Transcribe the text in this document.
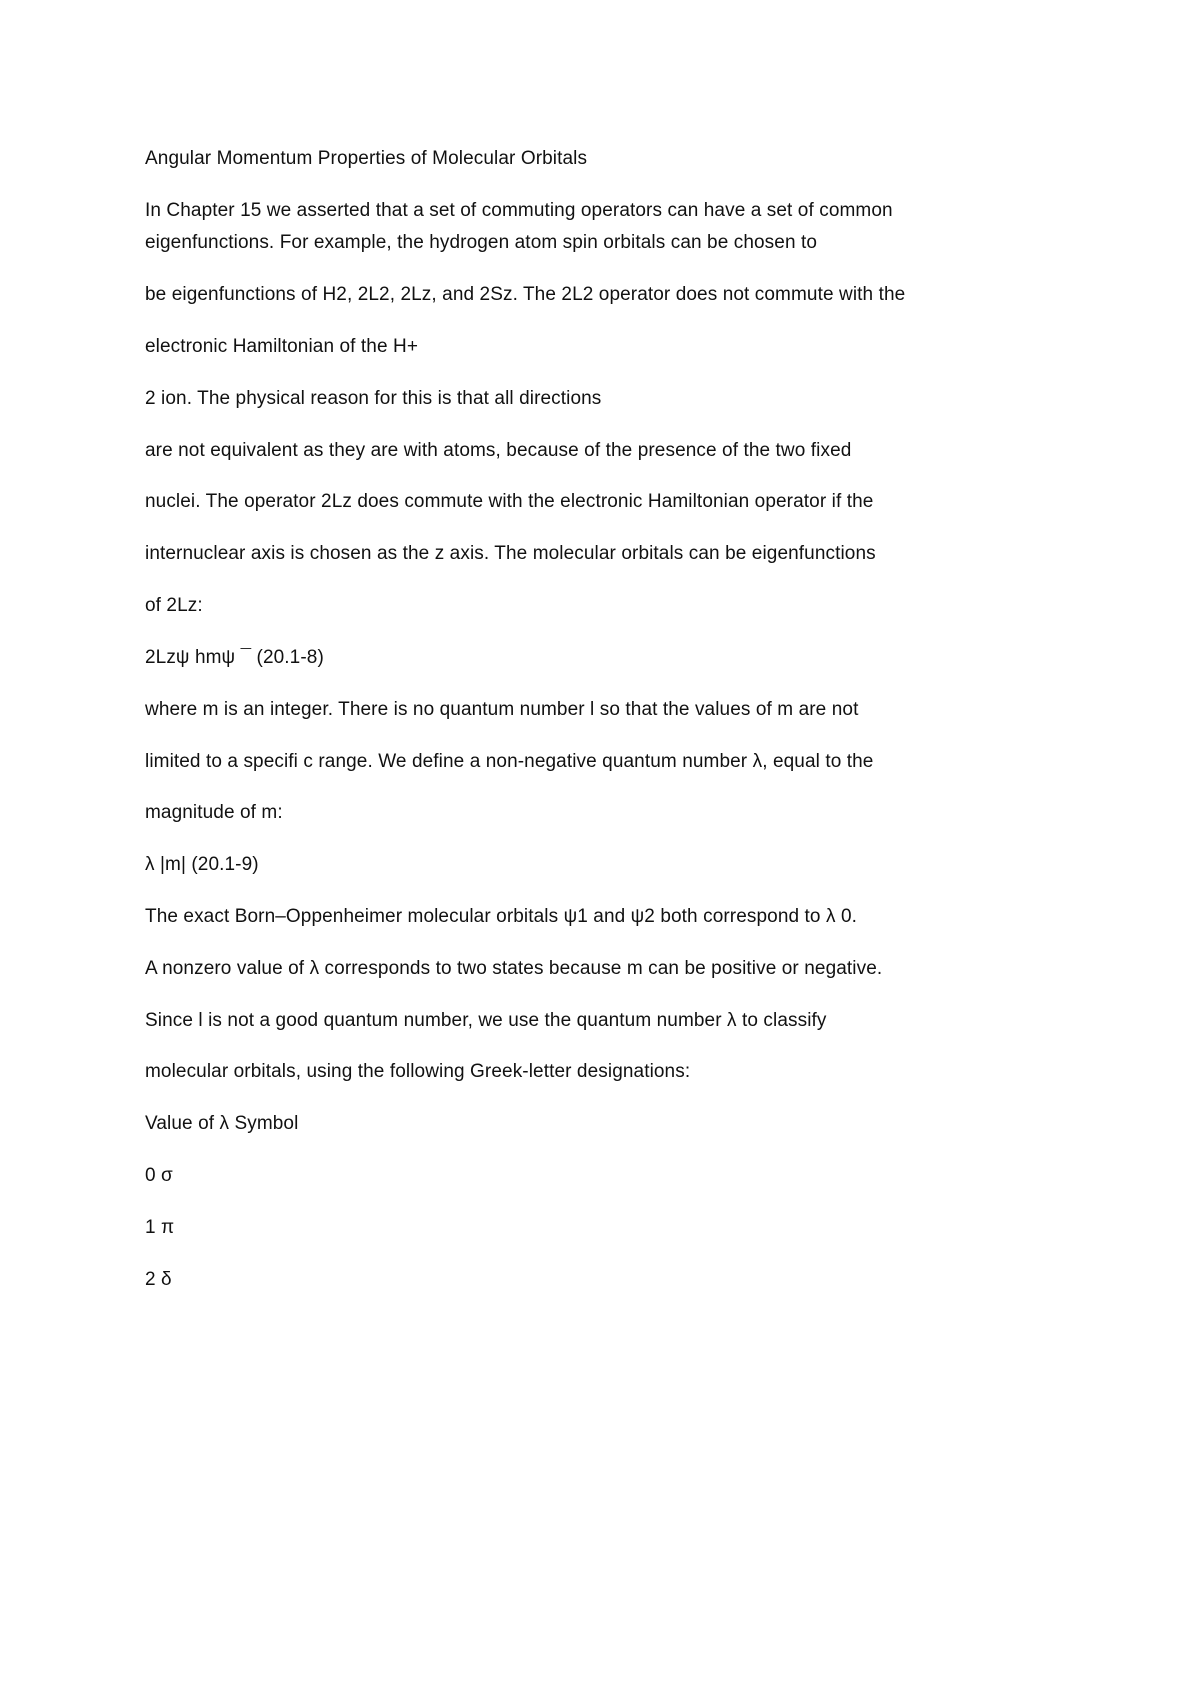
Angular Momentum Properties of Molecular Orbitals
In Chapter 15 we asserted that a set of commuting operators can have a set of common
eigenfunctions. For example, the hydrogen atom spin orbitals can be chosen to
be eigenfunctions of H2, 2L2, 2Lz, and 2Sz. The 2L2 operator does not commute with the
electronic Hamiltonian of the H+
2 ion. The physical reason for this is that all directions
are not equivalent as they are with atoms, because of the presence of the two fixed
nuclei. The operator 2Lz does commute with the electronic Hamiltonian operator if the
internuclear axis is chosen as the z axis. The molecular orbitals can be eigenfunctions
of 2Lz:
2Lzψ hmψ ¯ (20.1-8)
where m is an integer. There is no quantum number l so that the values of m are not
limited to a specifi c range. We define a non-negative quantum number λ, equal to the
magnitude of m:
λ |m| (20.1-9)
The exact Born–Oppenheimer molecular orbitals ψ1 and ψ2 both correspond to λ 0.
A nonzero value of λ corresponds to two states because m can be positive or negative.
Since l is not a good quantum number, we use the quantum number λ to classify
molecular orbitals, using the following Greek-letter designations:
Value of λ Symbol
0 σ
1 π
2 δ
